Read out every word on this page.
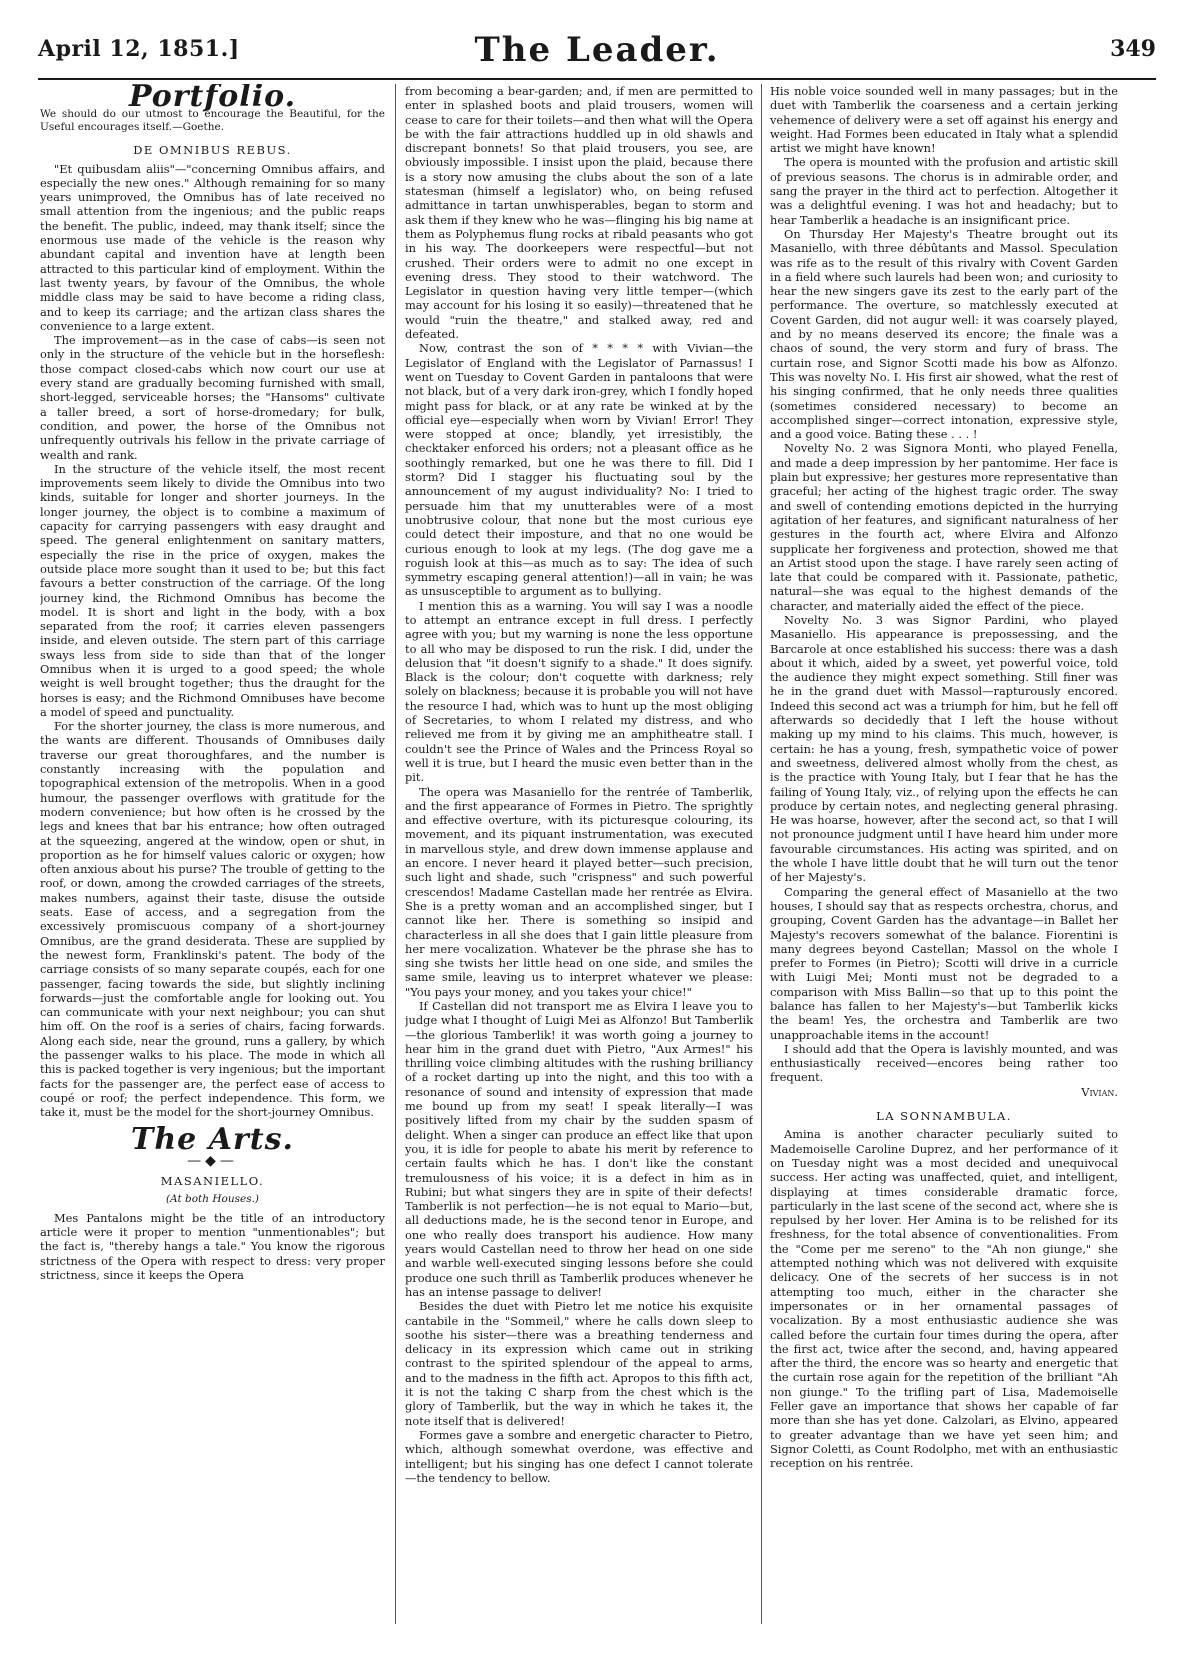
April 12, 1851.]	The Leader.	349
Portfolio.
We should do our utmost to encourage the Beautiful, for the Useful encourages itself.—Goethe.
DE OMNIBUS REBUS.

"Et quibusdam aliis"—"concerning Omnibus affairs, and especially the new ones." Although remaining for so many years unimproved, the Omnibus has of late received no small attention from the ingenious; and the public reaps the benefit. The public, indeed, may thank itself; since the enormous use made of the vehicle is the reason why abundant capital and invention have at length been attracted to this particular kind of employment. Within the last twenty years, by favour of the Omnibus, the whole middle class may be said to have become a riding class, and to keep its carriage; and the artizan class shares the convenience to a large extent.

The improvement—as in the case of cabs—is seen not only in the structure of the vehicle but in the horseflesh: those compact closed-cabs which now court our use at every stand are gradually becoming furnished with small, short-legged, serviceable horses; the "Hansoms" cultivate a taller breed, a sort of horse-dromedary; for bulk, condition, and power, the horse of the Omnibus not unfrequently outrivals his fellow in the private carriage of wealth and rank.

In the structure of the vehicle itself, the most recent improvements seem likely to divide the Omnibus into two kinds, suitable for longer and shorter journeys. In the longer journey, the object is to combine a maximum of capacity for carrying passengers with easy draught and speed. The general enlightenment on sanitary matters, especially the rise in the price of oxygen, makes the outside place more sought than it used to be; but this fact favours a better construction of the carriage. Of the long journey kind, the Richmond Omnibus has become the model. It is short and light in the body, with a box separated from the roof; it carries eleven passengers inside, and eleven outside. The stern part of this carriage sways less from side to side than that of the longer Omnibus when it is urged to a good speed; the whole weight is well brought together; thus the draught for the horses is easy; and the Richmond Omnibuses have become a model of speed and punctuality.

For the shorter journey, the class is more numerous, and the wants are different. Thousands of Omnibuses daily traverse our great thoroughfares, and the number is constantly increasing with the population and topographical extension of the metropolis. When in a good humour, the passenger overflows with gratitude for the modern convenience; but how often is he crossed by the legs and knees that bar his entrance; how often outraged at the squeezing, angered at the window, open or shut, in proportion as he for himself values caloric or oxygen; how often anxious about his purse? The trouble of getting to the roof, or down, among the crowded carriages of the streets, makes numbers, against their taste, disuse the outside seats. Ease of access, and a segregation from the excessively promiscuous company of a short-journey Omnibus, are the grand desiderata. These are supplied by the newest form, Franklinski's patent. The body of the carriage consists of so many separate coupés, each for one passenger, facing towards the side, but slightly inclining forwards—just the comfortable angle for looking out. You can communicate with your next neighbour; you can shut him off. On the roof is a series of chairs, facing forwards. Along each side, near the ground, runs a gallery, by which the passenger walks to his place. The mode in which all this is packed together is very ingenious; but the important facts for the passenger are, the perfect ease of access to coupé or roof; the perfect independence. This form, we take it, must be the model for the short-journey Omnibus.

The Arts.
—◆—
MASANIELLO.
(At both Houses.)

Mes Pantalons might be the title of an introductory article were it proper to mention "unmentionables"; but the fact is, "thereby hangs a tale." You know the rigorous strictness of the Opera with respect to dress: very proper strictness, since it keeps the Opera

from becoming a bear-garden; and, if men are permitted to enter in splashed boots and plaid trousers, women will cease to care for their toilets—and then what will the Opera be with the fair attractions huddled up in old shawls and discrepant bonnets! So that plaid trousers, you see, are obviously impossible. I insist upon the plaid, because there is a story now amusing the clubs about the son of a late statesman (himself a legislator) who, on being refused admittance in tartan unwhisperables, began to storm and ask them if they knew who he was—flinging his big name at them as Polyphemus flung rocks at ribald peasants who got in his way. The doorkeepers were respectful—but not crushed. Their orders were to admit no one except in evening dress. They stood to their watchword. The Legislator in question having very little temper—(which may account for his losing it so easily)—threatened that he would "ruin the theatre," and stalked away, red and defeated.

Now, contrast the son of * * * * with Vivian—the Legislator of England with the Legislator of Parnassus! I went on Tuesday to Covent Garden in pantaloons that were not black, but of a very dark iron-grey, which I fondly hoped might pass for black, or at any rate be winked at by the official eye—especially when worn by Vivian! Error! They were stopped at once; blandly, yet irresistibly, the checktaker enforced his orders; not a pleasant office as he soothingly remarked, but one he was there to fill. Did I storm? Did I stagger his fluctuating soul by the announcement of my august individuality? No: I tried to persuade him that my unutterables were of a most unobtrusive colour, that none but the most curious eye could detect their imposture, and that no one would be curious enough to look at my legs. (The dog gave me a roguish look at this—as much as to say: The idea of such symmetry escaping general attention!)—all in vain; he was as unsusceptible to argument as to bullying.

I mention this as a warning. You will say I was a noodle to attempt an entrance except in full dress. I perfectly agree with you; but my warning is none the less opportune to all who may be disposed to run the risk. I did, under the delusion that "it doesn't signify to a shade." It does signify. Black is the colour; don't coquette with darkness; rely solely on blackness; because it is probable you will not have the resource I had, which was to hunt up the most obliging of Secretaries, to whom I related my distress, and who relieved me from it by giving me an amphitheatre stall. I couldn't see the Prince of Wales and the Princess Royal so well it is true, but I heard the music even better than in the pit.

The opera was Masaniello for the rentrée of Tamberlik, and the first appearance of Formes in Pietro. The sprightly and effective overture, with its picturesque colouring, its movement, and its piquant instrumentation, was executed in marvellous style, and drew down immense applause and an encore. I never heard it played better—such precision, such light and shade, such "crispness" and such powerful crescendos! Madame Castellan made her rentrée as Elvira. She is a pretty woman and an accomplished singer, but I cannot like her. There is something so insipid and characterless in all she does that I gain little pleasure from her mere vocalization. Whatever be the phrase she has to sing she twists her little head on one side, and smiles the same smile, leaving us to interpret whatever we please: "You pays your money, and you takes your chice!"

If Castellan did not transport me as Elvira I leave you to judge what I thought of Luigi Mei as Alfonzo! But Tamberlik—the glorious Tamberlik! it was worth going a journey to hear him in the grand duet with Pietro, "Aux Armes!" his thrilling voice climbing altitudes with the rushing brilliancy of a rocket darting up into the night, and this too with a resonance of sound and intensity of expression that made me bound up from my seat! I speak literally—I was positively lifted from my chair by the sudden spasm of delight. When a singer can produce an effect like that upon you, it is idle for people to abate his merit by reference to certain faults which he has. I don't like the constant tremulousness of his voice; it is a defect in him as in Rubini; but what singers they are in spite of their defects! Tamberlik is not perfection—he is not equal to Mario—but, all deductions made, he is the second tenor in Europe, and one who really does transport his audience. How many years would Castellan need to throw her head on one side and warble well-executed singing lessons before she could produce one such thrill as Tamberlik produces whenever he has an intense passage to deliver!

Besides the duet with Pietro let me notice his exquisite cantabile in the "Sommeil," where he calls down sleep to soothe his sister—there was a breathing tenderness and delicacy in its expression which came out in striking contrast to the spirited splendour of the appeal to arms, and to the madness in the fifth act. Apropos to this fifth act, it is not the taking C sharp from the chest which is the glory of Tamberlik, but the way in which he takes it, the note itself that is delivered!

Formes gave a sombre and energetic character to Pietro, which, although somewhat overdone, was effective and intelligent; but his singing has one defect I cannot tolerate—the tendency to bellow.

His noble voice sounded well in many passages; but in the duet with Tamberlik the coarseness and a certain jerking vehemence of delivery were a set off against his energy and weight. Had Formes been educated in Italy what a splendid artist we might have known!

The opera is mounted with the profusion and artistic skill of previous seasons. The chorus is in admirable order, and sang the prayer in the third act to perfection. Altogether it was a delightful evening. I was hot and headachy; but to hear Tamberlik a headache is an insignificant price.

On Thursday Her Majesty's Theatre brought out its Masaniello, with three débûtants and Massol. Speculation was rife as to the result of this rivalry with Covent Garden in a field where such laurels had been won; and curiosity to hear the new singers gave its zest to the early part of the performance. The overture, so matchlessly executed at Covent Garden, did not augur well: it was coarsely played, and by no means deserved its encore; the finale was a chaos of sound, the very storm and fury of brass. The curtain rose, and Signor Scotti made his bow as Alfonzo. This was novelty No. I. His first air showed, what the rest of his singing confirmed, that he only needs three qualities (sometimes considered necessary) to become an accomplished singer—correct intonation, expressive style, and a good voice. Bating these . . . !

Novelty No. 2 was Signora Monti, who played Fenella, and made a deep impression by her pantomime. Her face is plain but expressive; her gestures more representative than graceful; her acting of the highest tragic order. The sway and swell of contending emotions depicted in the hurrying agitation of her features, and significant naturalness of her gestures in the fourth act, where Elvira and Alfonzo supplicate her forgiveness and protection, showed me that an Artist stood upon the stage. I have rarely seen acting of late that could be compared with it. Passionate, pathetic, natural—she was equal to the highest demands of the character, and materially aided the effect of the piece.

Novelty No. 3 was Signor Pardini, who played Masaniello. His appearance is prepossessing, and the Barcarole at once established his success: there was a dash about it which, aided by a sweet, yet powerful voice, told the audience they might expect something. Still finer was he in the grand duet with Massol—rapturously encored. Indeed this second act was a triumph for him, but he fell off afterwards so decidedly that I left the house without making up my mind to his claims. This much, however, is certain: he has a young, fresh, sympathetic voice of power and sweetness, delivered almost wholly from the chest, as is the practice with Young Italy, but I fear that he has the failing of Young Italy, viz., of relying upon the effects he can produce by certain notes, and neglecting general phrasing. He was hoarse, however, after the second act, so that I will not pronounce judgment until I have heard him under more favourable circumstances. His acting was spirited, and on the whole I have little doubt that he will turn out the tenor of her Majesty's.

Comparing the general effect of Masaniello at the two houses, I should say that as respects orchestra, chorus, and grouping, Covent Garden has the advantage—in Ballet her Majesty's recovers somewhat of the balance. Fiorentini is many degrees beyond Castellan; Massol on the whole I prefer to Formes (in Pietro); Scotti will drive in a curricle with Luigi Mei; Monti must not be degraded to a comparison with Miss Ballin—so that up to this point the balance has fallen to her Majesty's—but Tamberlik kicks the beam! Yes, the orchestra and Tamberlik are two unapproachable items in the account!

I should add that the Opera is lavishly mounted, and was enthusiastically received—encores being rather too frequent.

Vivian.
LA SONNAMBULA.

Amina is another character peculiarly suited to Mademoiselle Caroline Duprez, and her performance of it on Tuesday night was a most decided and unequivocal success. Her acting was unaffected, quiet, and intelligent, displaying at times considerable dramatic force, particularly in the last scene of the second act, where she is repulsed by her lover. Her Amina is to be relished for its freshness, for the total absence of conventionalities. From the "Come per me sereno" to the "Ah non giunge," she attempted nothing which was not delivered with exquisite delicacy. One of the secrets of her success is in not attempting too much, either in the character she impersonates or in her ornamental passages of vocalization. By a most enthusiastic audience she was called before the curtain four times during the opera, after the first act, twice after the second, and, having appeared after the third, the encore was so hearty and energetic that the curtain rose again for the repetition of the brilliant "Ah non giunge." To the trifling part of Lisa, Mademoiselle Feller gave an importance that shows her capable of far more than she has yet done. Calzolari, as Elvino, appeared to greater advantage than we have yet seen him; and Signor Coletti, as Count Rodolpho, met with an enthusiastic reception on his rentrée.
